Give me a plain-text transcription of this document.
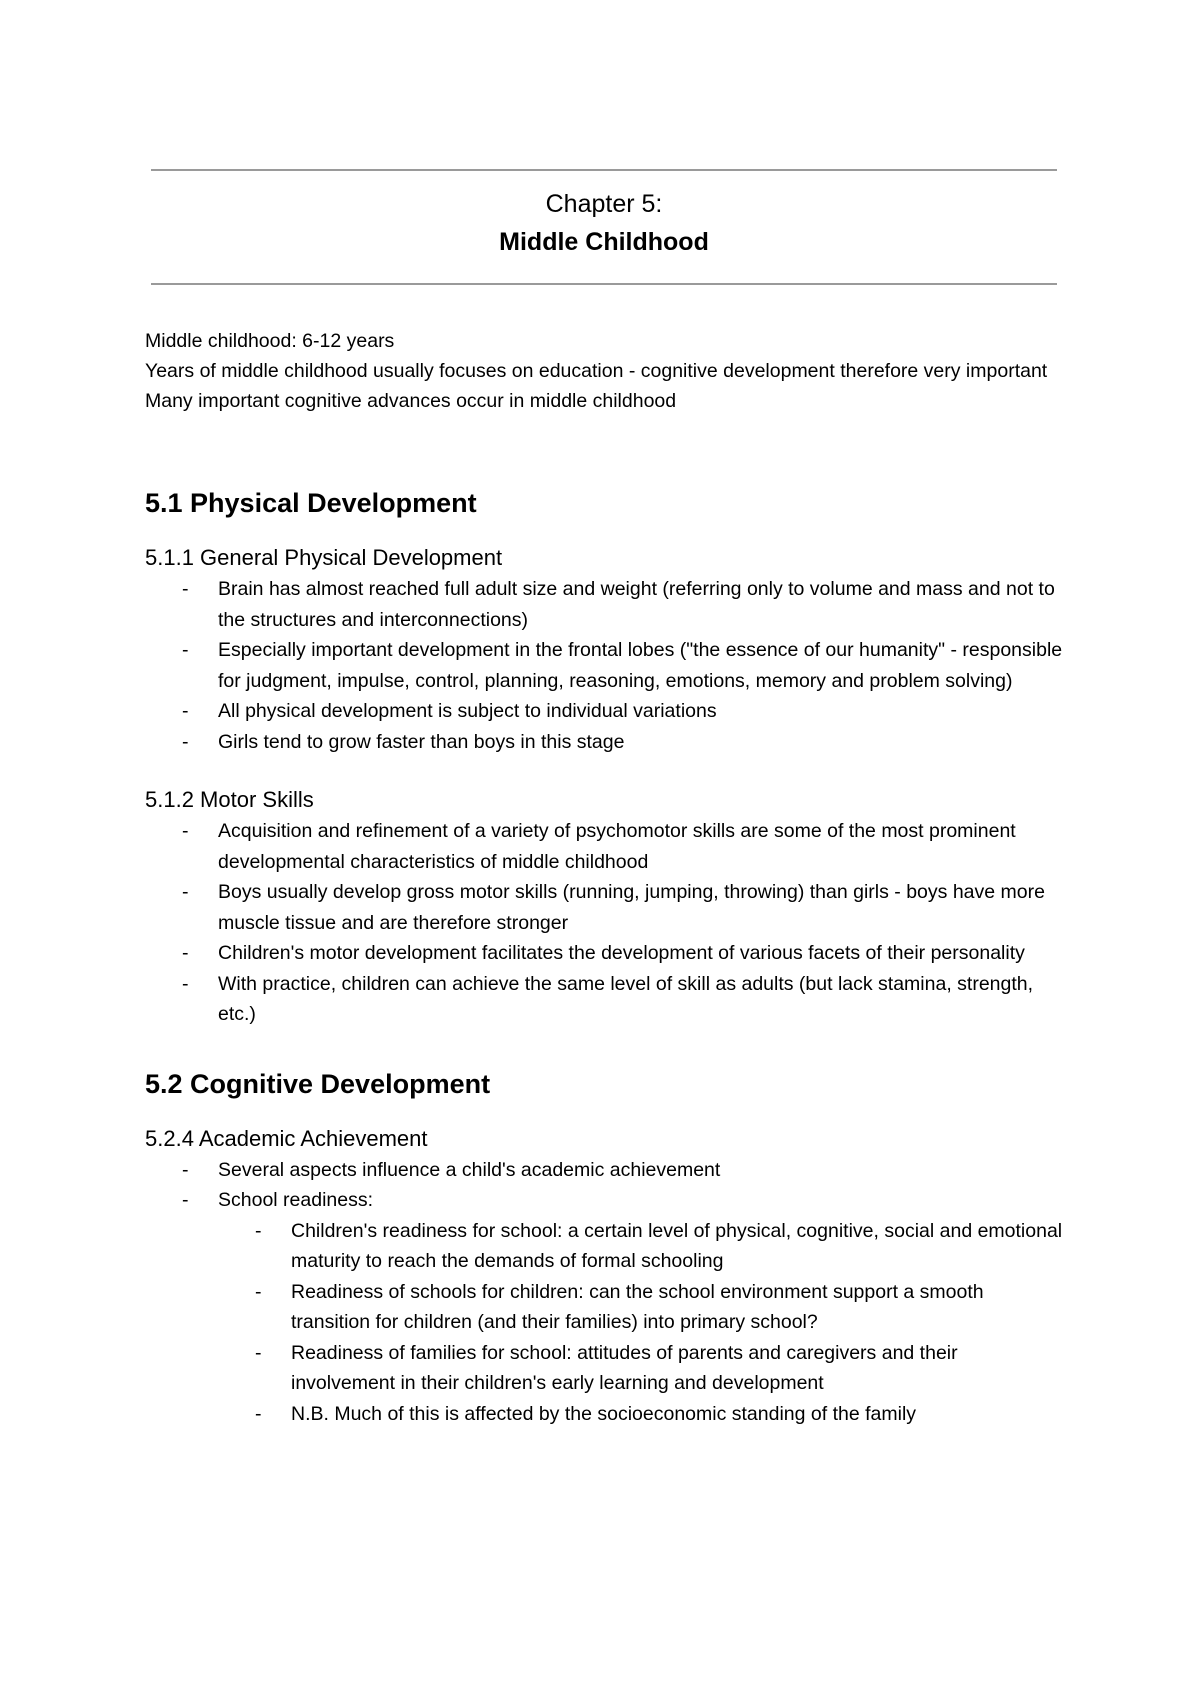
Chapter 5:
Middle Childhood

Middle childhood: 6-12 years

Years of middle childhood usually focuses on education - cognitive development therefore very important

Many important cognitive advances occur in middle childhood

5.1 Physical Development
5.1.1 General Physical Development
- Brain has almost reached full adult size and weight (referring only to volume and mass and not to the structures and interconnections)
- Especially important development in the frontal lobes ("the essence of our humanity" - responsible for judgment, impulse, control, planning, reasoning, emotions, memory and problem solving)
- All physical development is subject to individual variations
- Girls tend to grow faster than boys in this stage
5.1.2 Motor Skills
- Acquisition and refinement of a variety of psychomotor skills are some of the most prominent developmental characteristics of middle childhood
- Boys usually develop gross motor skills (running, jumping, throwing) than girls - boys have more muscle tissue and are therefore stronger
- Children's motor development facilitates the development of various facets of their personality
- With practice, children can achieve the same level of skill as adults (but lack stamina, strength, etc.)
5.2 Cognitive Development
5.2.4 Academic Achievement
- Several aspects influence a child's academic achievement
- School readiness:
- Children's readiness for school: a certain level of physical, cognitive, social and emotional maturity to reach the demands of formal schooling
- Readiness of schools for children: can the school environment support a smooth transition for children (and their families) into primary school?
- Readiness of families for school: attitudes of parents and caregivers and their involvement in their children's early learning and development
- N.B. Much of this is affected by the socioeconomic standing of the family
